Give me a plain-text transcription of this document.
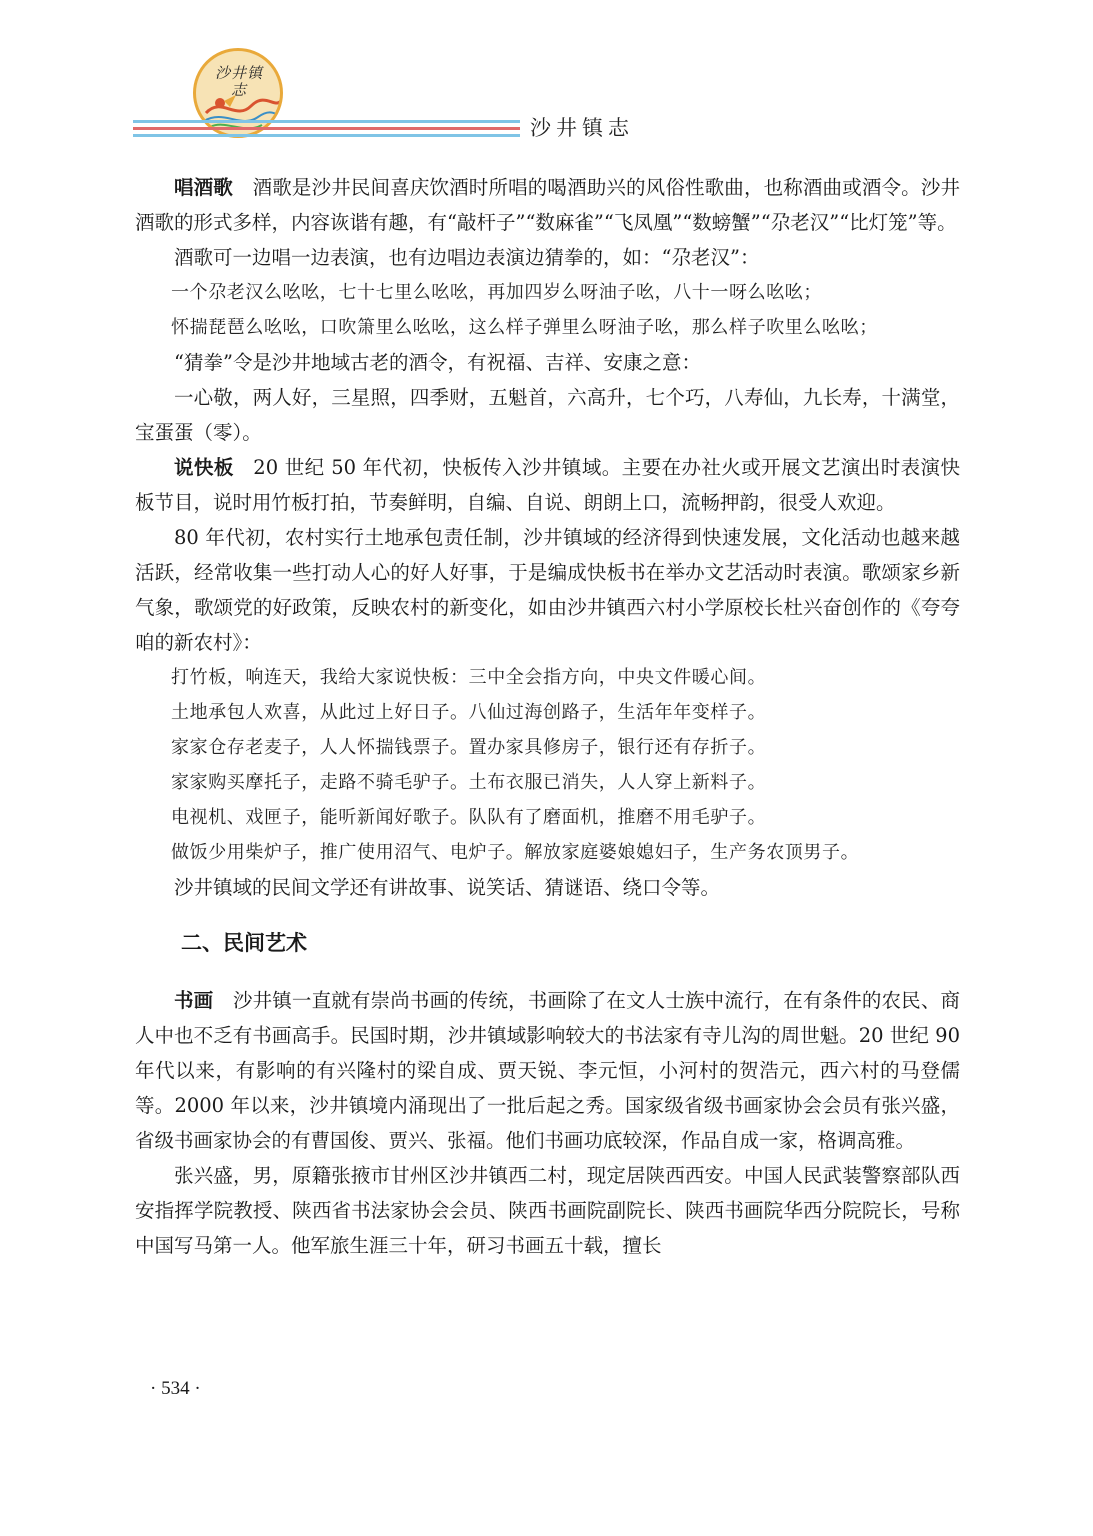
沙井镇志
沙井镇志

唱酒歌  酒歌是沙井民间喜庆饮酒时所唱的喝酒助兴的风俗性歌曲，也称酒曲或酒令。沙井酒歌的形式多样，内容诙谐有趣，有“敲杆子”“数麻雀”“飞凤凰”“数螃蟹”“尕老汉”“比灯笼”等。

酒歌可一边唱一边表演，也有边唱边表演边猜拳的，如：“尕老汉”：

一个尕老汉么吆吆，七十七里么吆吆，再加四岁么呀油子吆，八十一呀么吆吆；

怀揣琵琶么吆吆，口吹箫里么吆吆，这么样子弹里么呀油子吆，那么样子吹里么吆吆；

“猜拳”令是沙井地域古老的酒令，有祝福、吉祥、安康之意：

一心敬，两人好，三星照，四季财，五魁首，六高升，七个巧，八寿仙，九长寿，十满堂，宝蛋蛋（零）。

说快板  20 世纪 50 年代初，快板传入沙井镇域。主要在办社火或开展文艺演出时表演快板节目，说时用竹板打拍，节奏鲜明，自编、自说、朗朗上口，流畅押韵，很受人欢迎。

80 年代初，农村实行土地承包责任制，沙井镇域的经济得到快速发展，文化活动也越来越活跃，经常收集一些打动人心的好人好事，于是编成快板书在举办文艺活动时表演。歌颂家乡新气象，歌颂党的好政策，反映农村的新变化，如由沙井镇西六村小学原校长杜兴奋创作的《夸夸咱的新农村》：

打竹板，响连天，我给大家说快板：三中全会指方向，中央文件暖心间。

土地承包人欢喜，从此过上好日子。八仙过海创路子，生活年年变样子。

家家仓存老麦子，人人怀揣钱票子。置办家具修房子，银行还有存折子。

家家购买摩托子，走路不骑毛驴子。土布衣服已消失，人人穿上新料子。

电视机、戏匣子，能听新闻好歌子。队队有了磨面机，推磨不用毛驴子。

做饭少用柴炉子，推广使用沼气、电炉子。解放家庭婆娘媳妇子，生产务农顶男子。

沙井镇域的民间文学还有讲故事、说笑话、猜谜语、绕口令等。

二、民间艺术

书画  沙井镇一直就有崇尚书画的传统，书画除了在文人士族中流行，在有条件的农民、商人中也不乏有书画高手。民国时期，沙井镇域影响较大的书法家有寺儿沟的周世魁。20 世纪 90 年代以来，有影响的有兴隆村的梁自成、贾天锐、李元恒，小河村的贺浩元，西六村的马登儒等。2000 年以来，沙井镇境内涌现出了一批后起之秀。国家级省级书画家协会会员有张兴盛，省级书画家协会的有曹国俊、贾兴、张福。他们书画功底较深，作品自成一家，格调高雅。

张兴盛，男，原籍张掖市甘州区沙井镇西二村，现定居陕西西安。中国人民武装警察部队西安指挥学院教授、陕西省书法家协会会员、陕西书画院副院长、陕西书画院华西分院院长，号称中国写马第一人。他军旅生涯三十年，研习书画五十载，擅长

· 534 ·
